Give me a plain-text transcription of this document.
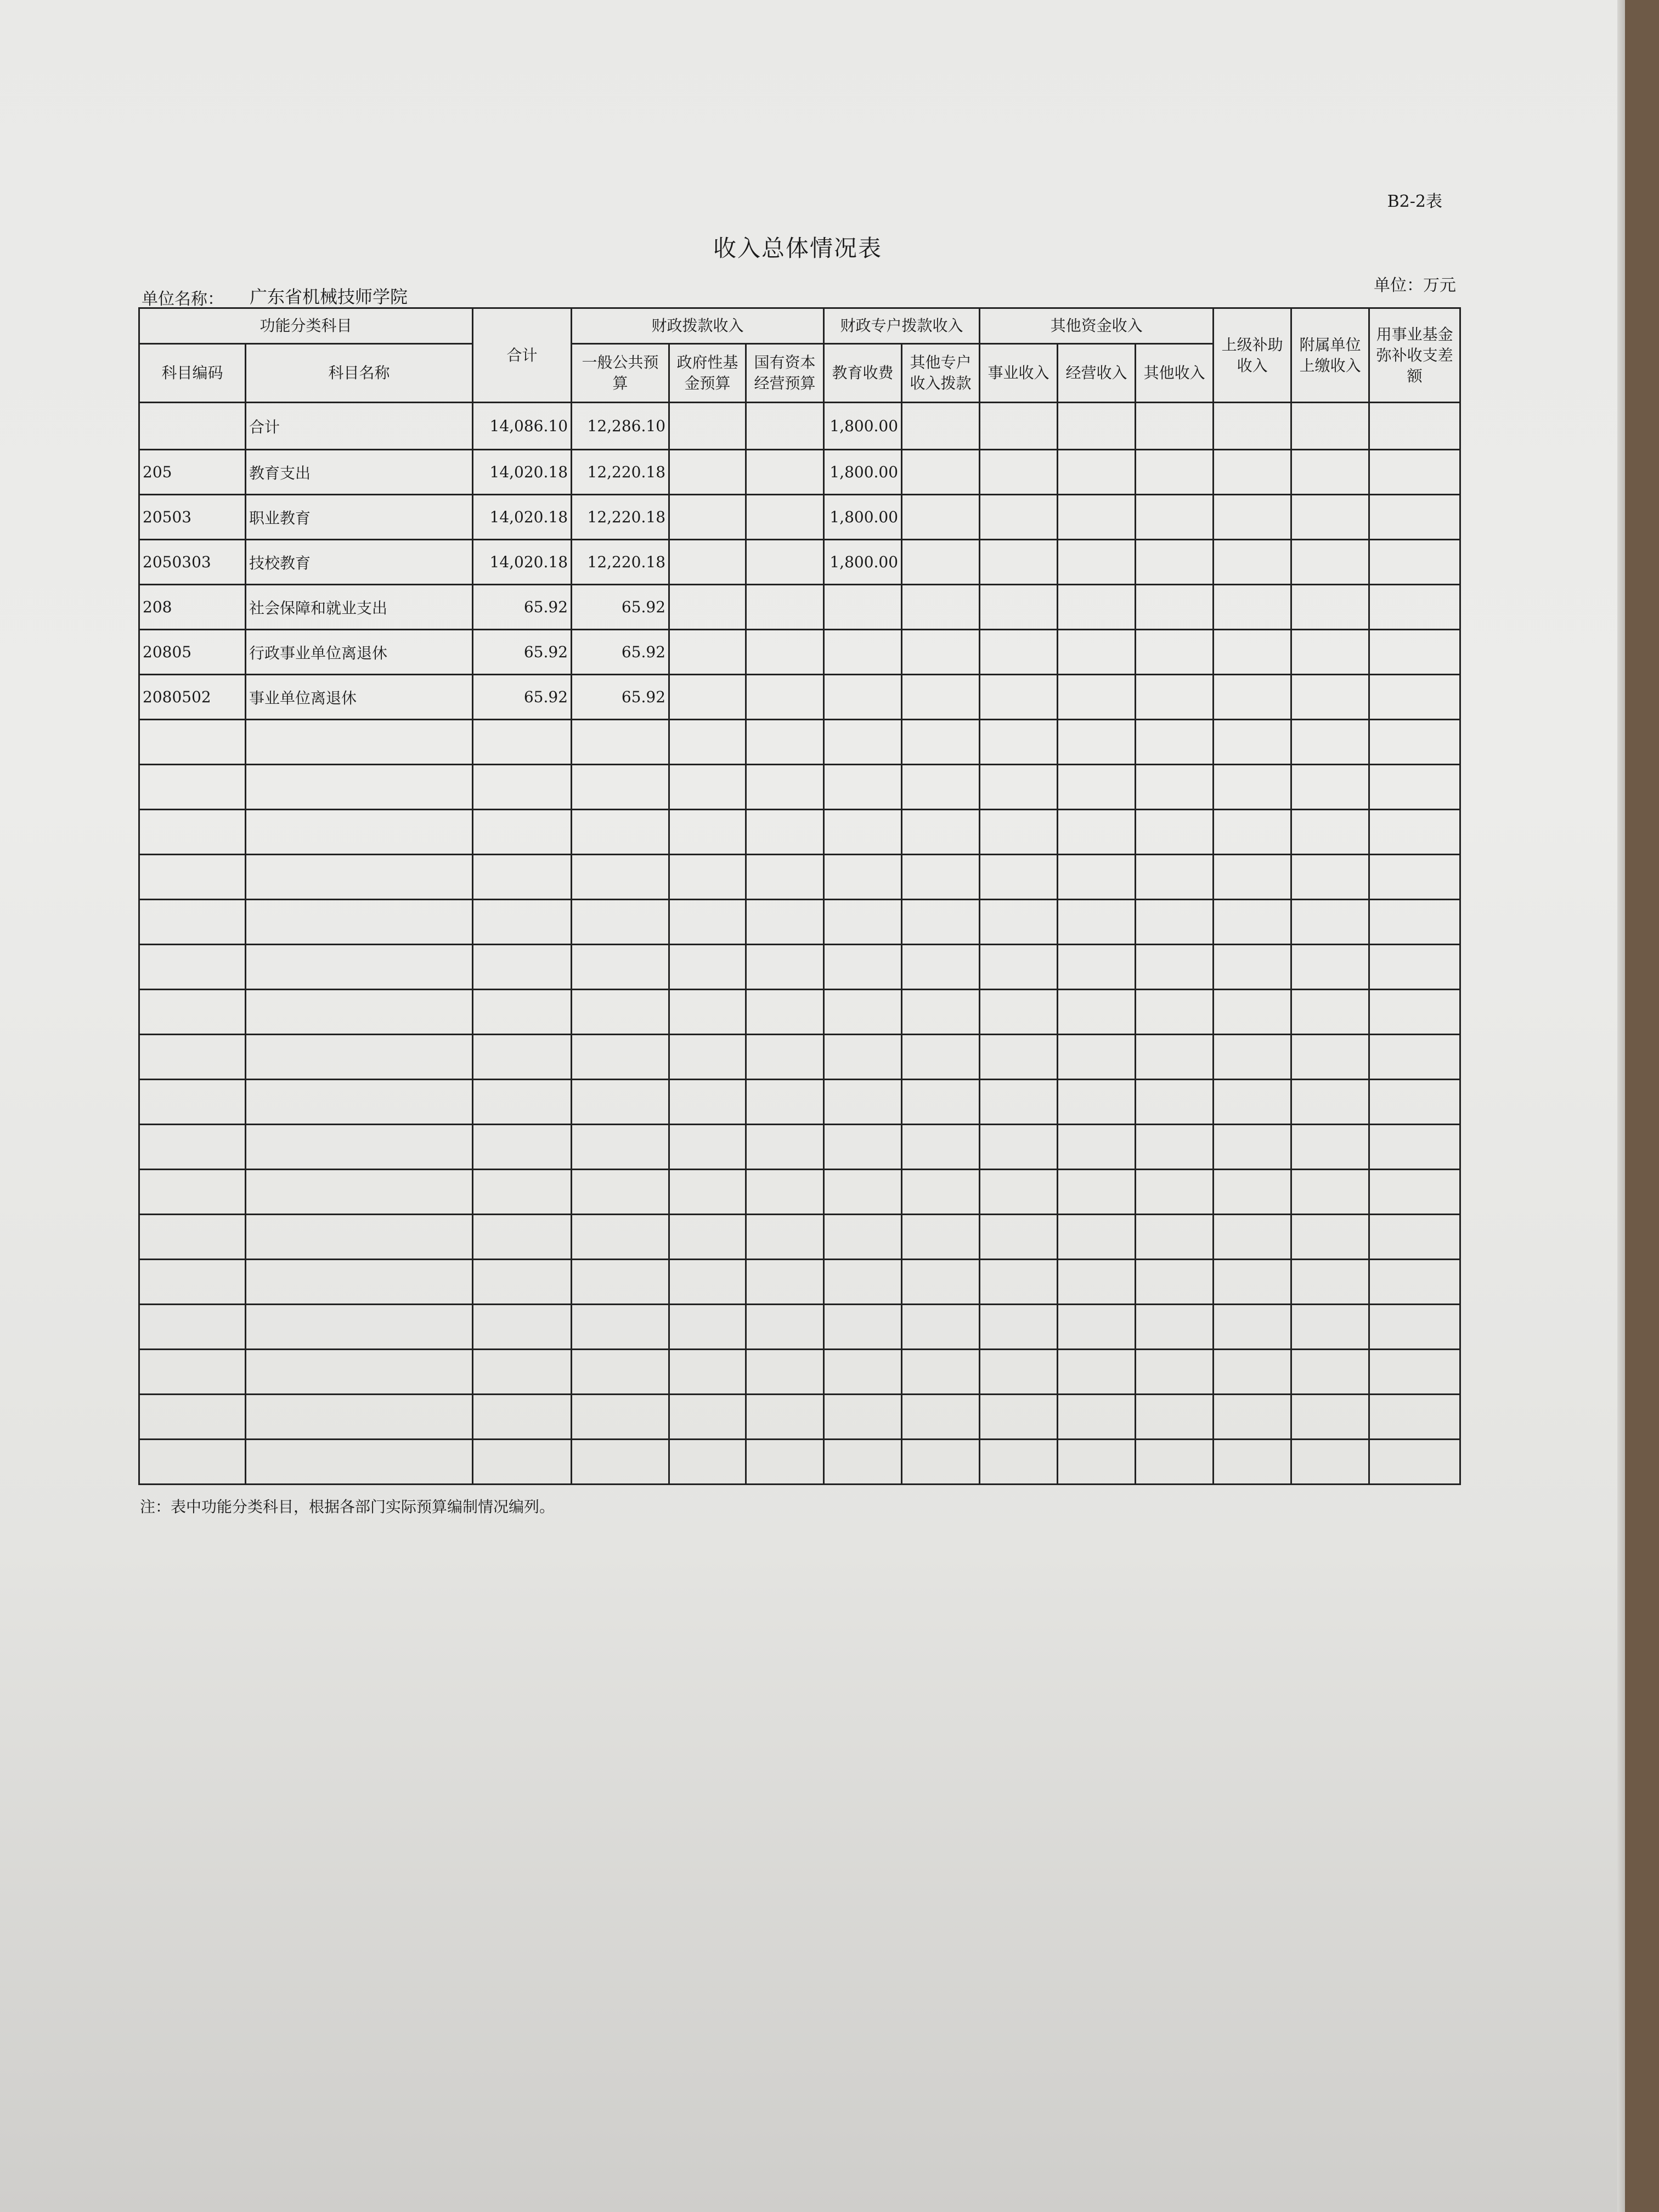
B2-2表
收入总体情况表
单位名称： 广东省机械技师学院
单位：万元
功能分类科目		合计	财政拨款收入			财政专户拨款收入		其他资金收入			上级补助收入	附属单位上缴收入	用事业基金弥补收支差额
科目编码	科目名称		一般公共预算	政府性基金预算	国有资本经营预算	教育收费	其他专户收入拨款	事业收入	经营收入	其他收入			
	合计	14,086.10	12,286.10			1,800.00							
205	教育支出	14,020.18	12,220.18			1,800.00							
20503	职业教育	14,020.18	12,220.18			1,800.00							
2050303	技校教育	14,020.18	12,220.18			1,800.00							
208	社会保障和就业支出	65.92	65.92										
20805	行政事业单位离退休	65.92	65.92										
2080502	事业单位离退休	65.92	65.92										

注：表中功能分类科目，根据各部门实际预算编制情况编列。
